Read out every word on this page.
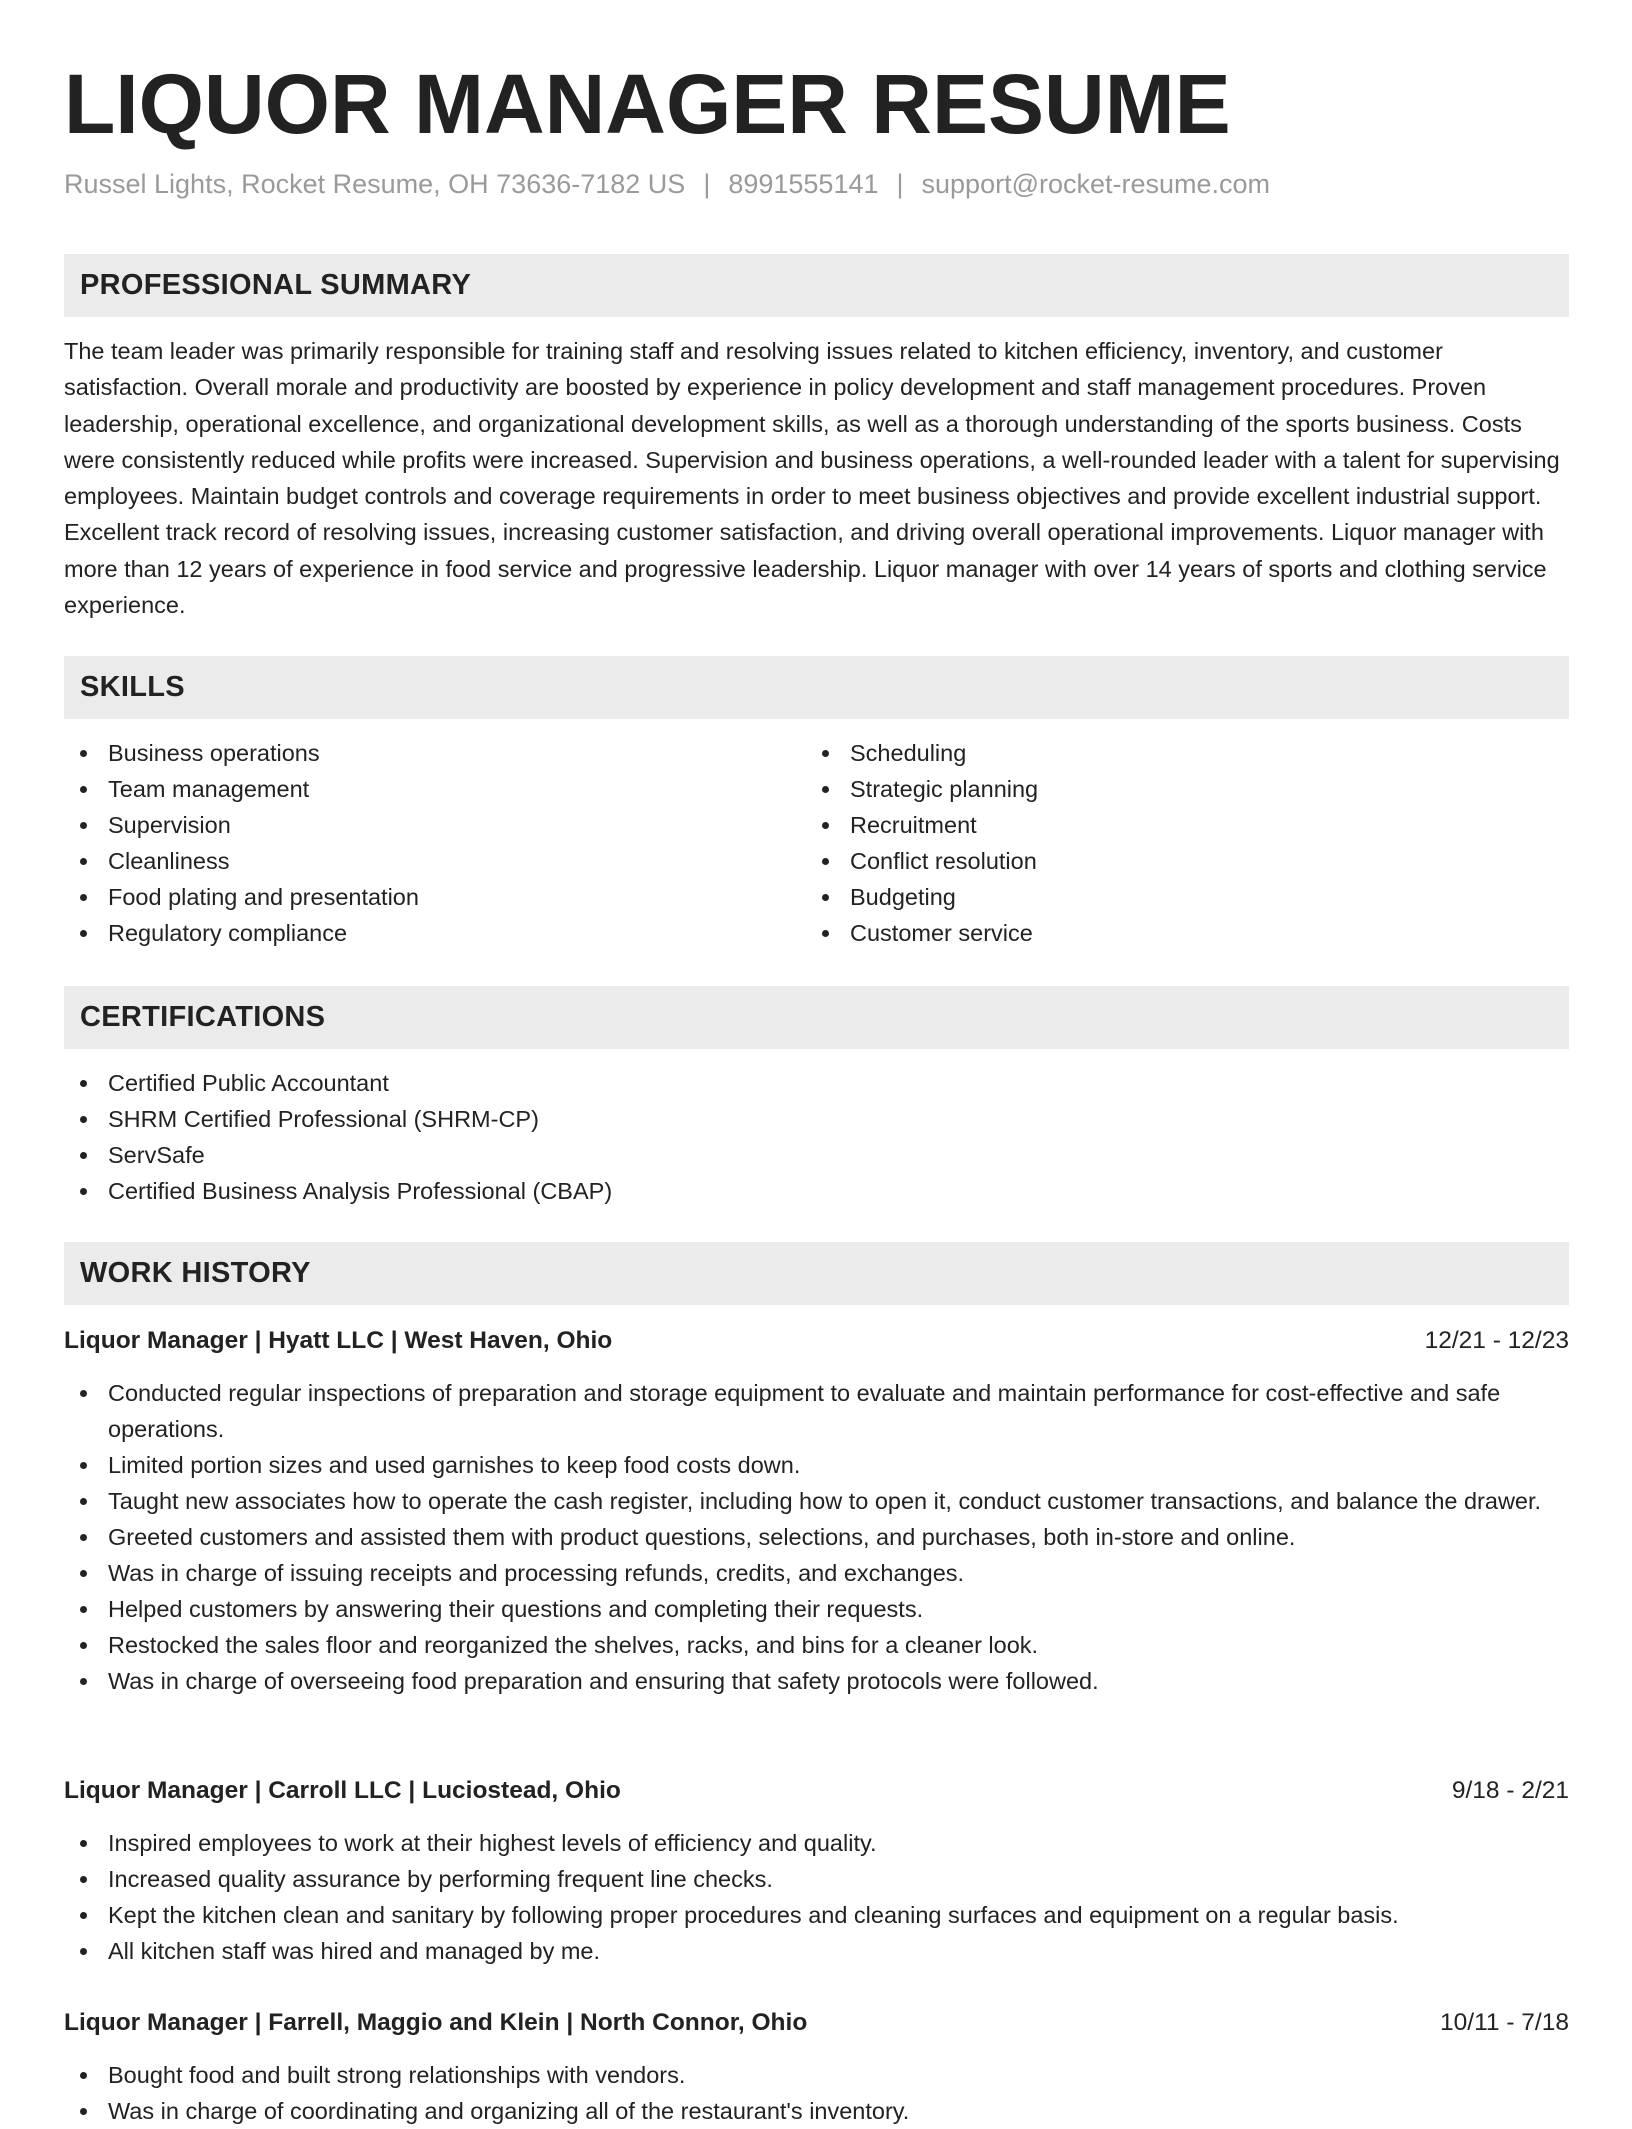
LIQUOR MANAGER RESUME
Russel Lights, Rocket Resume, OH 73636-7182 US | 8991555141 | support@rocket-resume.com
PROFESSIONAL SUMMARY

The team leader was primarily responsible for training staff and resolving issues related to kitchen efficiency, inventory, and customer satisfaction. Overall morale and productivity are boosted by experience in policy development and staff management procedures. Proven leadership, operational excellence, and organizational development skills, as well as a thorough understanding of the sports business. Costs were consistently reduced while profits were increased. Supervision and business operations, a well-rounded leader with a talent for supervising employees. Maintain budget controls and coverage requirements in order to meet business objectives and provide excellent industrial support. Excellent track record of resolving issues, increasing customer satisfaction, and driving overall operational improvements. Liquor manager with more than 12 years of experience in food service and progressive leadership. Liquor manager with over 14 years of sports and clothing service experience.

SKILLS
Business operations
Team management
Supervision
Cleanliness
Food plating and presentation
Regulatory compliance
Scheduling
Strategic planning
Recruitment
Conflict resolution
Budgeting
Customer service
CERTIFICATIONS
Certified Public Accountant
SHRM Certified Professional (SHRM-CP)
ServSafe
Certified Business Analysis Professional (CBAP)
WORK HISTORY
Liquor Manager | Hyatt LLC | West Haven, Ohio	12/21 - 12/23
Conducted regular inspections of preparation and storage equipment to evaluate and maintain performance for cost-effective and safe operations.
Limited portion sizes and used garnishes to keep food costs down.
Taught new associates how to operate the cash register, including how to open it, conduct customer transactions, and balance the drawer.
Greeted customers and assisted them with product questions, selections, and purchases, both in-store and online.
Was in charge of issuing receipts and processing refunds, credits, and exchanges.
Helped customers by answering their questions and completing their requests.
Restocked the sales floor and reorganized the shelves, racks, and bins for a cleaner look.
Was in charge of overseeing food preparation and ensuring that safety protocols were followed.
Liquor Manager | Carroll LLC | Luciostead, Ohio	9/18 - 2/21
Inspired employees to work at their highest levels of efficiency and quality.
Increased quality assurance by performing frequent line checks.
Kept the kitchen clean and sanitary by following proper procedures and cleaning surfaces and equipment on a regular basis.
All kitchen staff was hired and managed by me.
Liquor Manager | Farrell, Maggio and Klein | North Connor, Ohio	10/11 - 7/18
Bought food and built strong relationships with vendors.
Was in charge of coordinating and organizing all of the restaurant's inventory.
